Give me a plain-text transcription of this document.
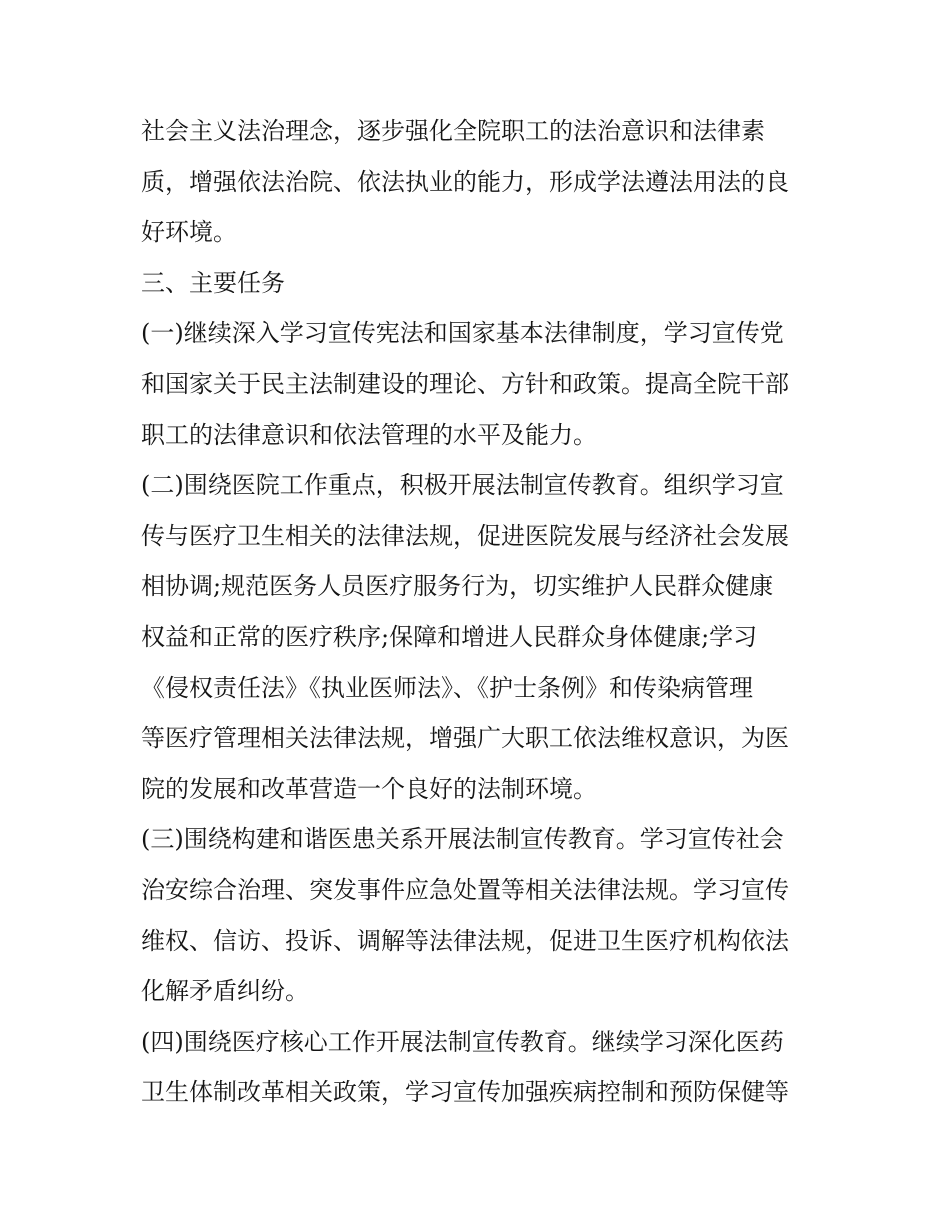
社会主义法治理念，逐步强化全院职工的法治意识和法律素
质，增强依法治院、依法执业的能力，形成学法遵法用法的良
好环境。
三、主要任务
(一)继续深入学习宣传宪法和国家基本法律制度，学习宣传党
和国家关于民主法制建设的理论、方针和政策。提高全院干部
职工的法律意识和依法管理的水平及能力。
(二)围绕医院工作重点，积极开展法制宣传教育。组织学习宣
传与医疗卫生相关的法律法规，促进医院发展与经济社会发展
相协调;规范医务人员医疗服务行为，切实维护人民群众健康
权益和正常的医疗秩序;保障和增进人民群众身体健康;学习
《侵权责任法》《执业医师法》、《护士条例》和传染病管理
等医疗管理相关法律法规，增强广大职工依法维权意识，为医
院的发展和改革营造一个良好的法制环境。
(三)围绕构建和谐医患关系开展法制宣传教育。学习宣传社会
治安综合治理、突发事件应急处置等相关法律法规。学习宣传
维权、信访、投诉、调解等法律法规，促进卫生医疗机构依法
化解矛盾纠纷。
(四)围绕医疗核心工作开展法制宣传教育。继续学习深化医药
卫生体制改革相关政策，学习宣传加强疾病控制和预防保健等
